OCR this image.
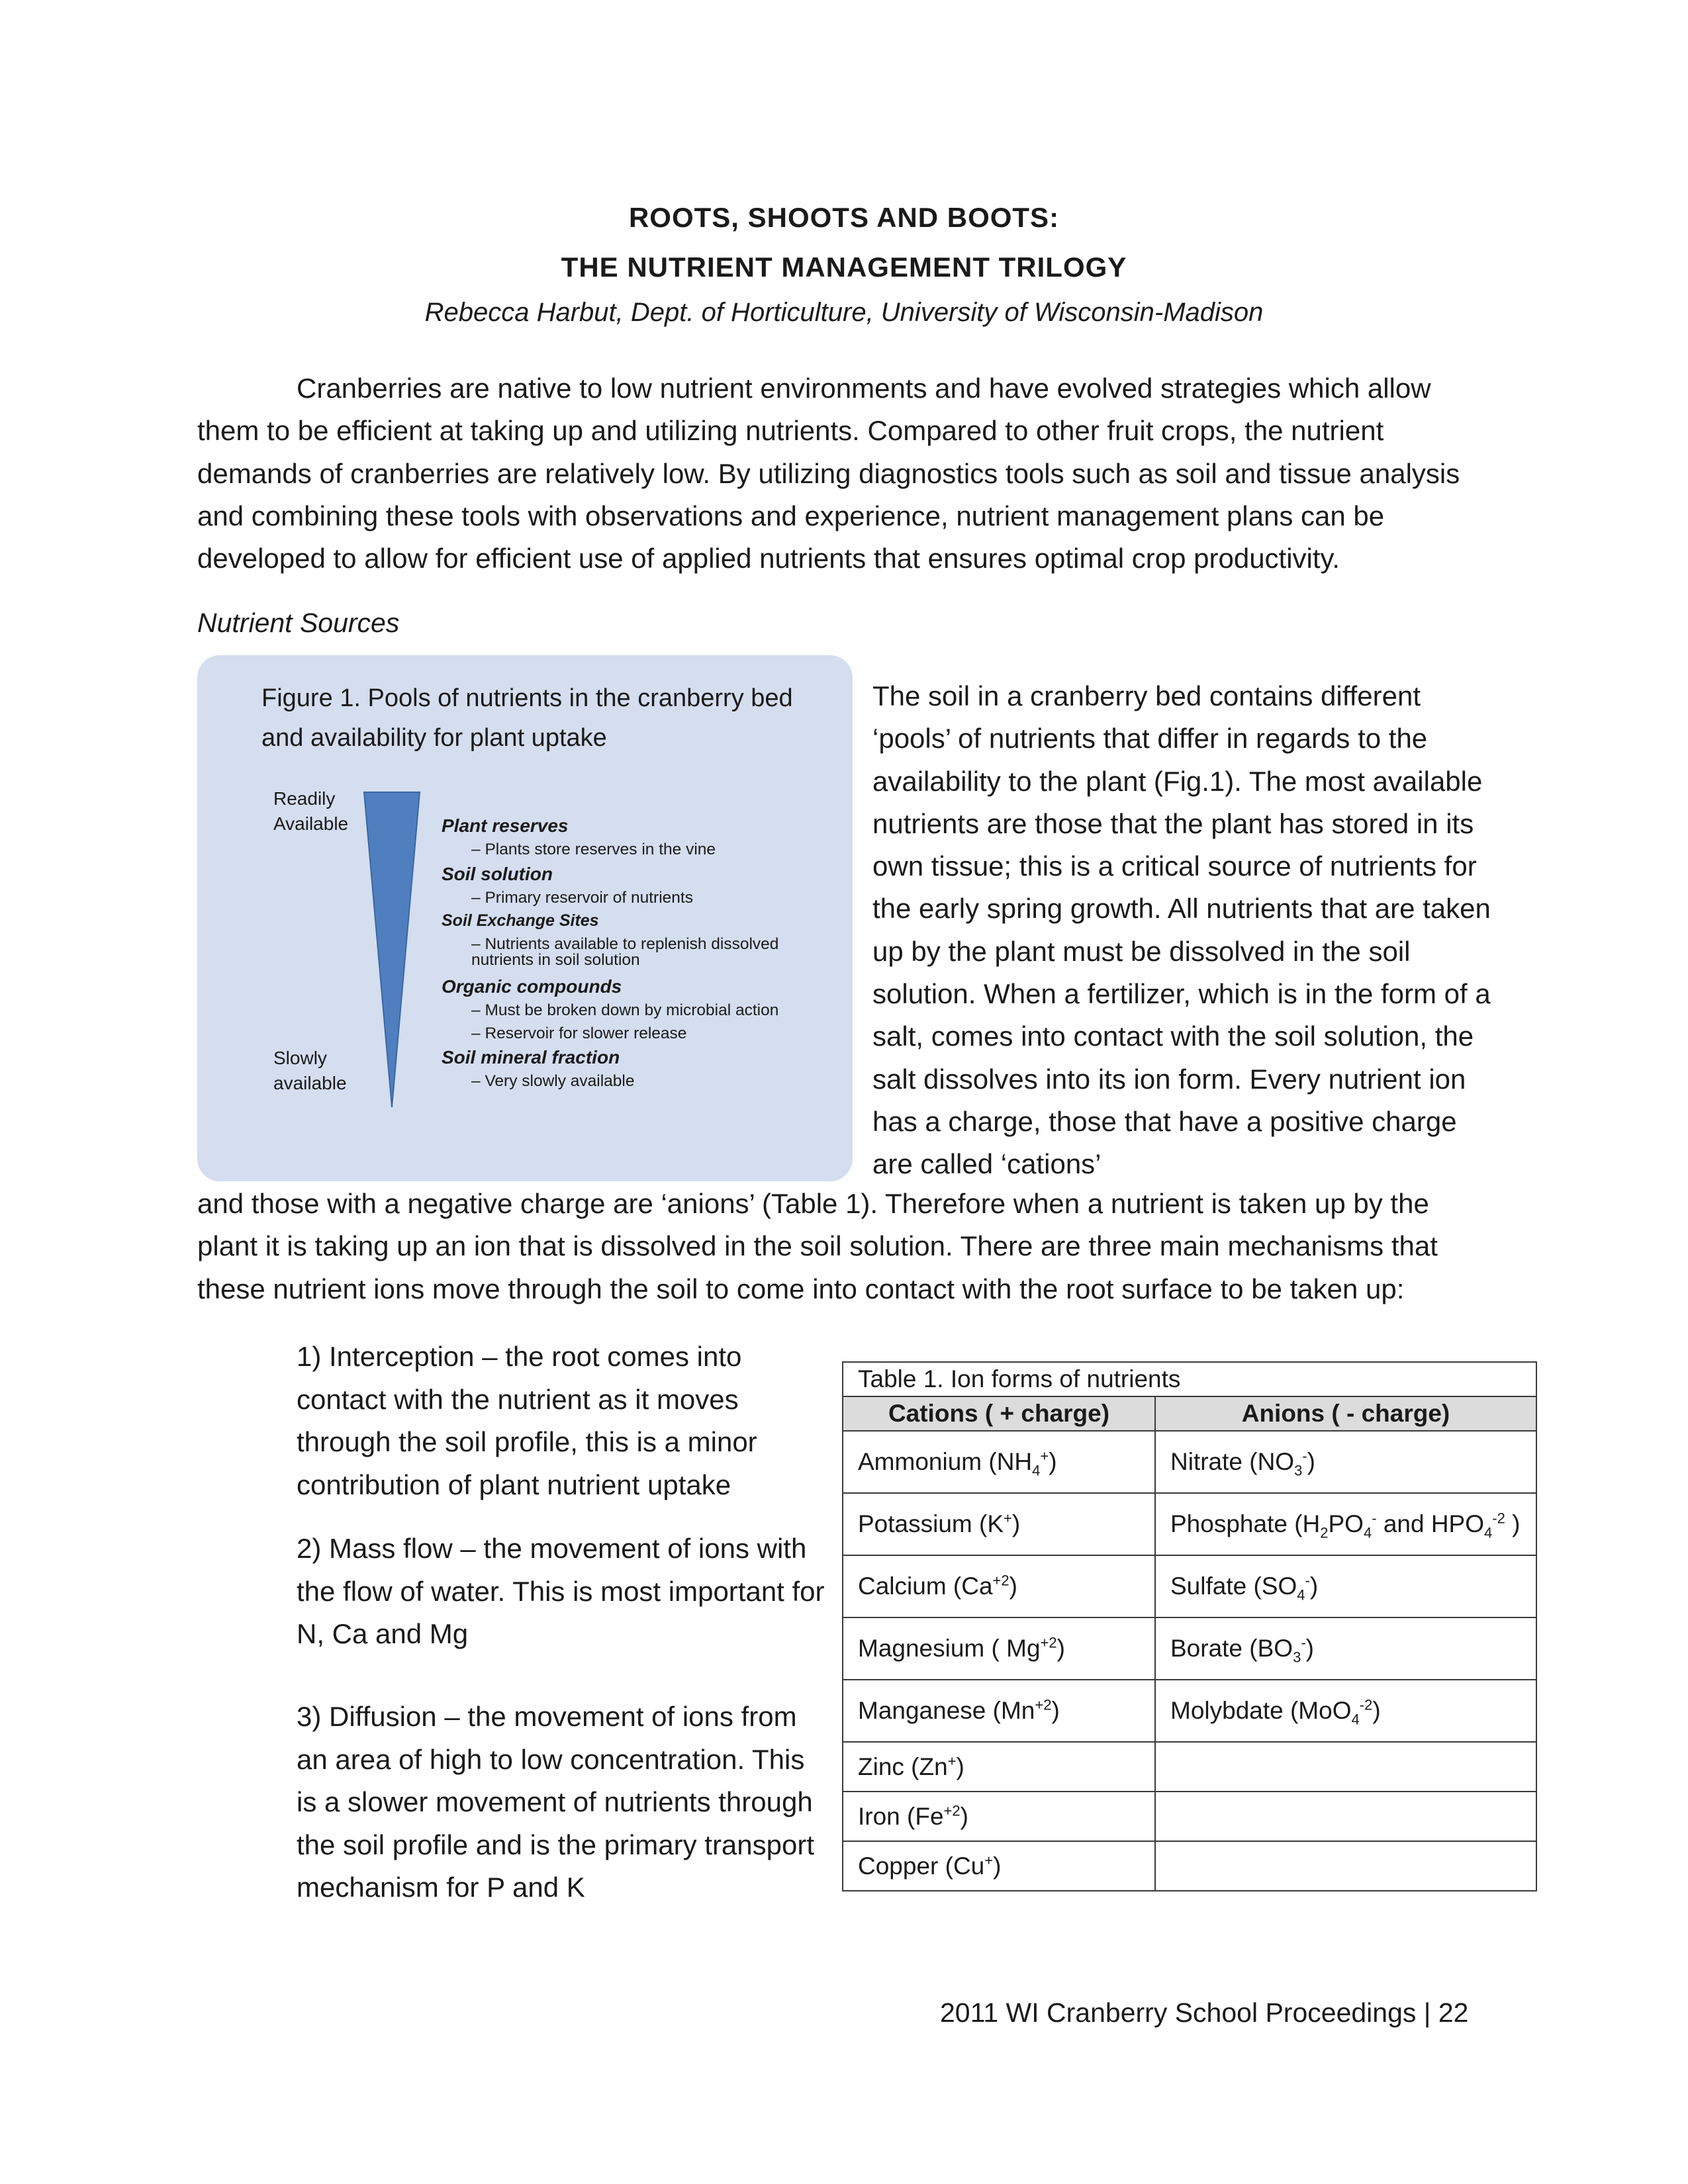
ROOTS, SHOOTS AND BOOTS:
THE NUTRIENT MANAGEMENT TRILOGY
Rebecca Harbut, Dept. of Horticulture, University of Wisconsin-Madison
Cranberries are native to low nutrient environments and have evolved strategies which allow them to be efficient at taking up and utilizing nutrients. Compared to other fruit crops, the nutrient demands of cranberries are relatively low. By utilizing diagnostics tools such as soil and tissue analysis and combining these tools with observations and experience, nutrient management plans can be developed to allow for efficient use of applied nutrients that ensures optimal crop productivity.
Nutrient Sources
Figure 1. Pools of nutrients in the cranberry bed and availability for plant uptake
Readily Available
Slowly available
Plant reserves
– Plants store reserves in the vine
Soil solution
– Primary reservoir of nutrients
Soil Exchange Sites
– Nutrients available to replenish dissolved nutrients in soil solution
Organic compounds
– Must be broken down by microbial action
– Reservoir for slower release
Soil mineral fraction
– Very slowly available
The soil in a cranberry bed contains different ‘pools’ of nutrients that differ in regards to the availability to the plant (Fig.1). The most available nutrients are those that the plant has stored in its own tissue; this is a critical source of nutrients for the early spring growth. All nutrients that are taken up by the plant must be dissolved in the soil solution. When a fertilizer, which is in the form of a salt, comes into contact with the soil solution, the salt dissolves into its ion form. Every nutrient ion has a charge, those that have a positive charge are called ‘cations’
and those with a negative charge are ‘anions’ (Table 1). Therefore when a nutrient is taken up by the plant it is taking up an ion that is dissolved in the soil solution. There are three main mechanisms that these nutrient ions move through the soil to come into contact with the root surface to be taken up:
1) Interception – the root comes into contact with the nutrient as it moves through the soil profile, this is a minor contribution of plant nutrient uptake
2) Mass flow – the movement of ions with the flow of water. This is most important for N, Ca and Mg
3) Diffusion – the movement of ions from an area of high to low concentration. This is a slower movement of nutrients through the soil profile and is the primary transport mechanism for P and K
Table 1. Ion forms of nutrients	
Cations ( + charge)	Anions ( - charge)
Ammonium $(NH_4^+)$	Nitrate $(NO_3^-)$
Potassium (K+)	Phosphate ($H_2PO_4^-$ and $HPO_4^{-2}$ )
Calcium $(Ca^{+2})$	Sulfate $(SO_4^-)$
Magnesium ( $Mg^{+2}$)	Borate $(BO_3^-)$
Manganese $(Mn^{+2})$	Molybdate (MoO$_4^{-2}$)
Zinc (Zn+)	
Iron $(Fe^{+2})$	
Copper (Cu+)	
2011 WI Cranberry School Proceedings | 22
